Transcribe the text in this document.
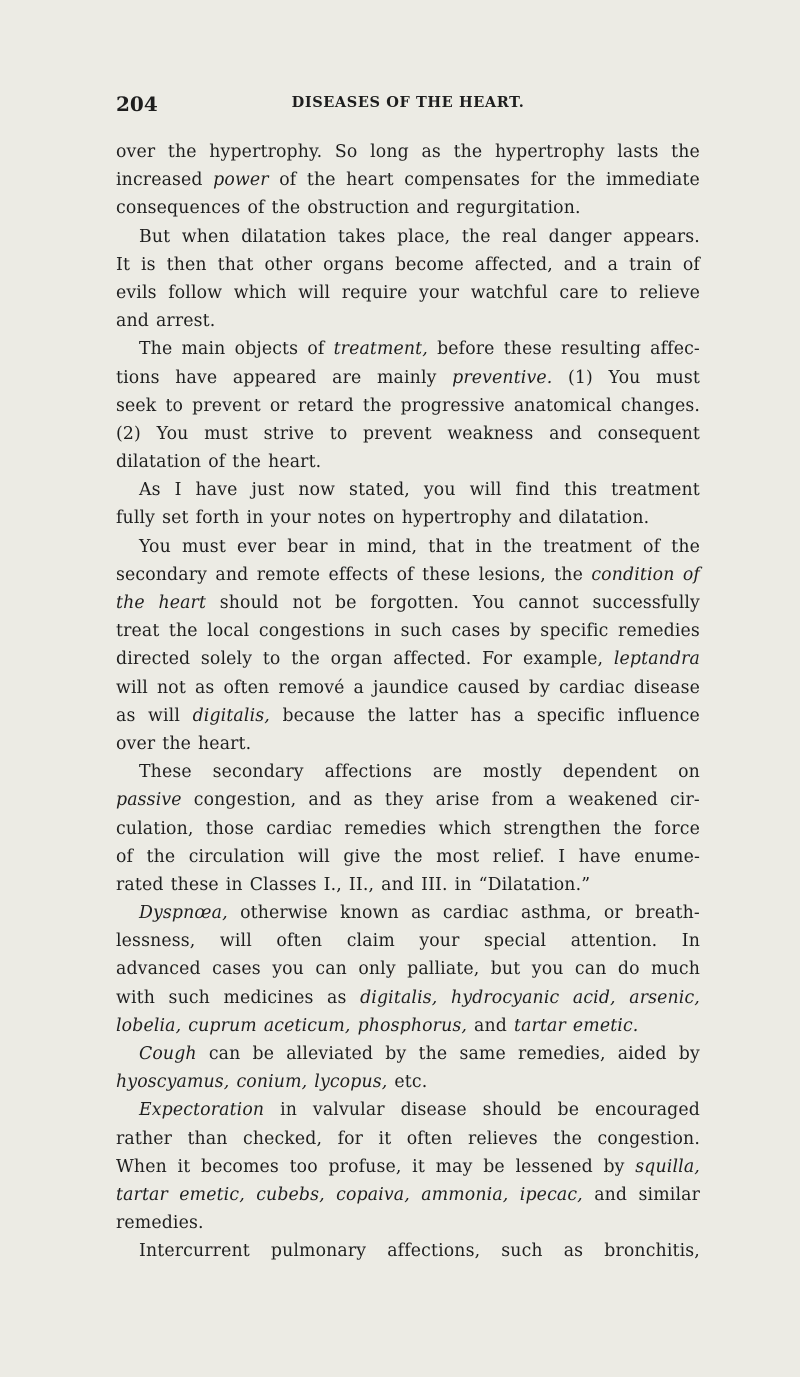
204	DISEASES OF THE HEART.
over the hypertrophy. So long as the hypertrophy lasts the
increased power of the heart compensates for the immediate
consequences of the obstruction and regurgitation.
But when dilatation takes place, the real danger appears.
It is then that other organs become affected, and a train of
evils follow which will require your watchful care to relieve
and arrest.
The main objects of treatment, before these resulting affec-
tions have appeared are mainly preventive. (1) You must
seek to prevent or retard the progressive anatomical changes.
(2) You must strive to prevent weakness and consequent
dilatation of the heart.
As I have just now stated, you will find this treatment
fully set forth in your notes on hypertrophy and dilatation.
You must ever bear in mind, that in the treatment of the
secondary and remote effects of these lesions, the condition of
the heart should not be forgotten. You cannot successfully
treat the local congestions in such cases by specific remedies
directed solely to the organ affected. For example, leptandra
will not as often remové a jaundice caused by cardiac disease
as will digitalis, because the latter has a specific influence
over the heart.
These secondary affections are mostly dependent on
passive congestion, and as they arise from a weakened cir-
culation, those cardiac remedies which strengthen the force
of the circulation will give the most relief. I have enume-
rated these in Classes I., II., and III. in “Dilatation.”
Dyspnœa, otherwise known as cardiac asthma, or breath-
lessness, will often claim your special attention. In
advanced cases you can only palliate, but you can do much
with such medicines as digitalis, hydrocyanic acid, arsenic,
lobelia, cuprum aceticum, phosphorus, and tartar emetic.
Cough can be alleviated by the same remedies, aided by
hyoscyamus, conium, lycopus, etc.
Expectoration in valvular disease should be encouraged
rather than checked, for it often relieves the congestion.
When it becomes too profuse, it may be lessened by squilla,
tartar emetic, cubebs, copaiva, ammonia, ipecac, and similar
remedies.
Intercurrent pulmonary affections, such as bronchitis,
